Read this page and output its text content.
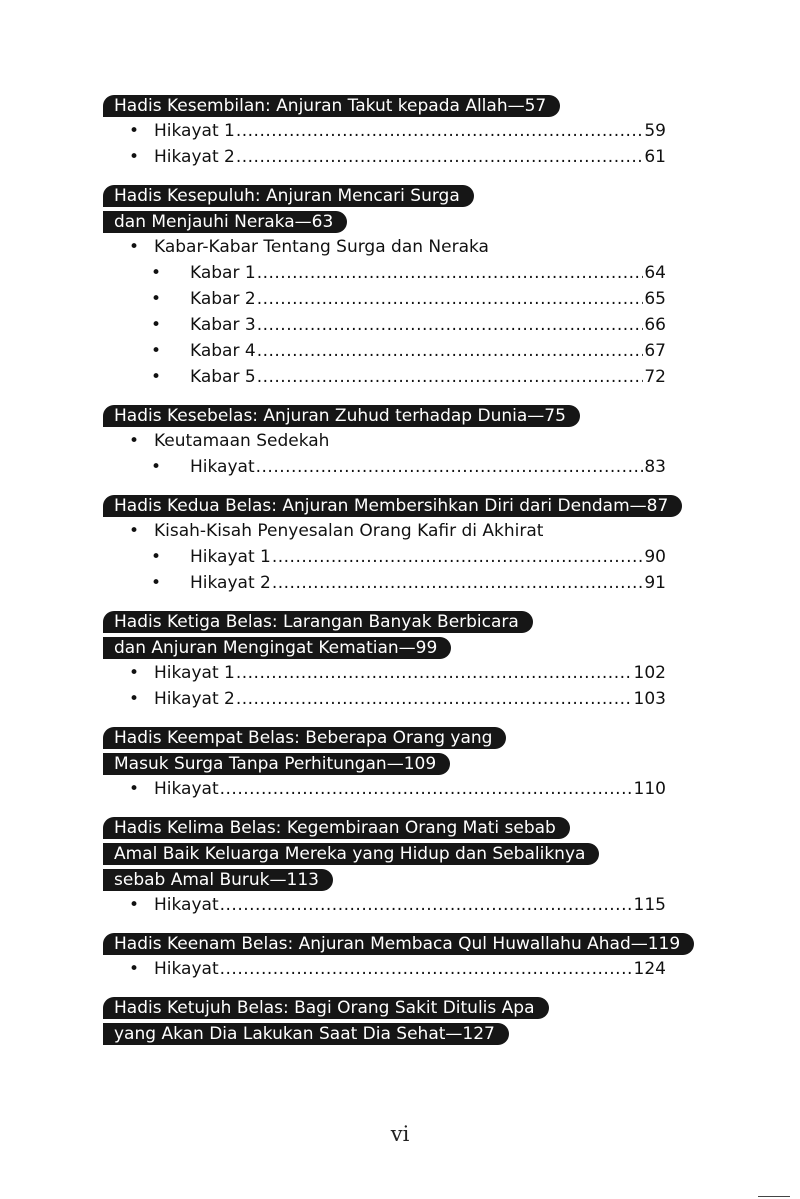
Hadis Kesembilan: Anjuran Takut kepada Allah—57
• Hikayat 1 .....	59
• Hikayat 2 .....	61
Hadis Kesepuluh: Anjuran Mencari Surga
dan Menjauhi Neraka—63
• Kabar-Kabar Tentang Surga dan Neraka
• Kabar 1 .....	64
• Kabar 2 .....	65
• Kabar 3 .....	66
• Kabar 4 .....	67
• Kabar 5 .....	72
Hadis Kesebelas: Anjuran Zuhud terhadap Dunia—75
• Keutamaan Sedekah
• Hikayat .....	83
Hadis Kedua Belas: Anjuran Membersihkan Diri dari Dendam—87
• Kisah-Kisah Penyesalan Orang Kafir di Akhirat
• Hikayat 1 .....	90
• Hikayat 2 .....	91
Hadis Ketiga Belas: Larangan Banyak Berbicara
dan Anjuran Mengingat Kematian—99
• Hikayat 1 .....	102
• Hikayat 2 .....	103
Hadis Keempat Belas: Beberapa Orang yang
Masuk Surga Tanpa Perhitungan—109
• Hikayat .....	110
Hadis Kelima Belas: Kegembiraan Orang Mati sebab
Amal Baik Keluarga Mereka yang Hidup dan Sebaliknya
sebab Amal Buruk—113
• Hikayat .....	115
Hadis Keenam Belas: Anjuran Membaca Qul Huwallahu Ahad—119
• Hikayat .....	124
Hadis Ketujuh Belas: Bagi Orang Sakit Ditulis Apa
yang Akan Dia Lakukan Saat Dia Sehat—127
vi
